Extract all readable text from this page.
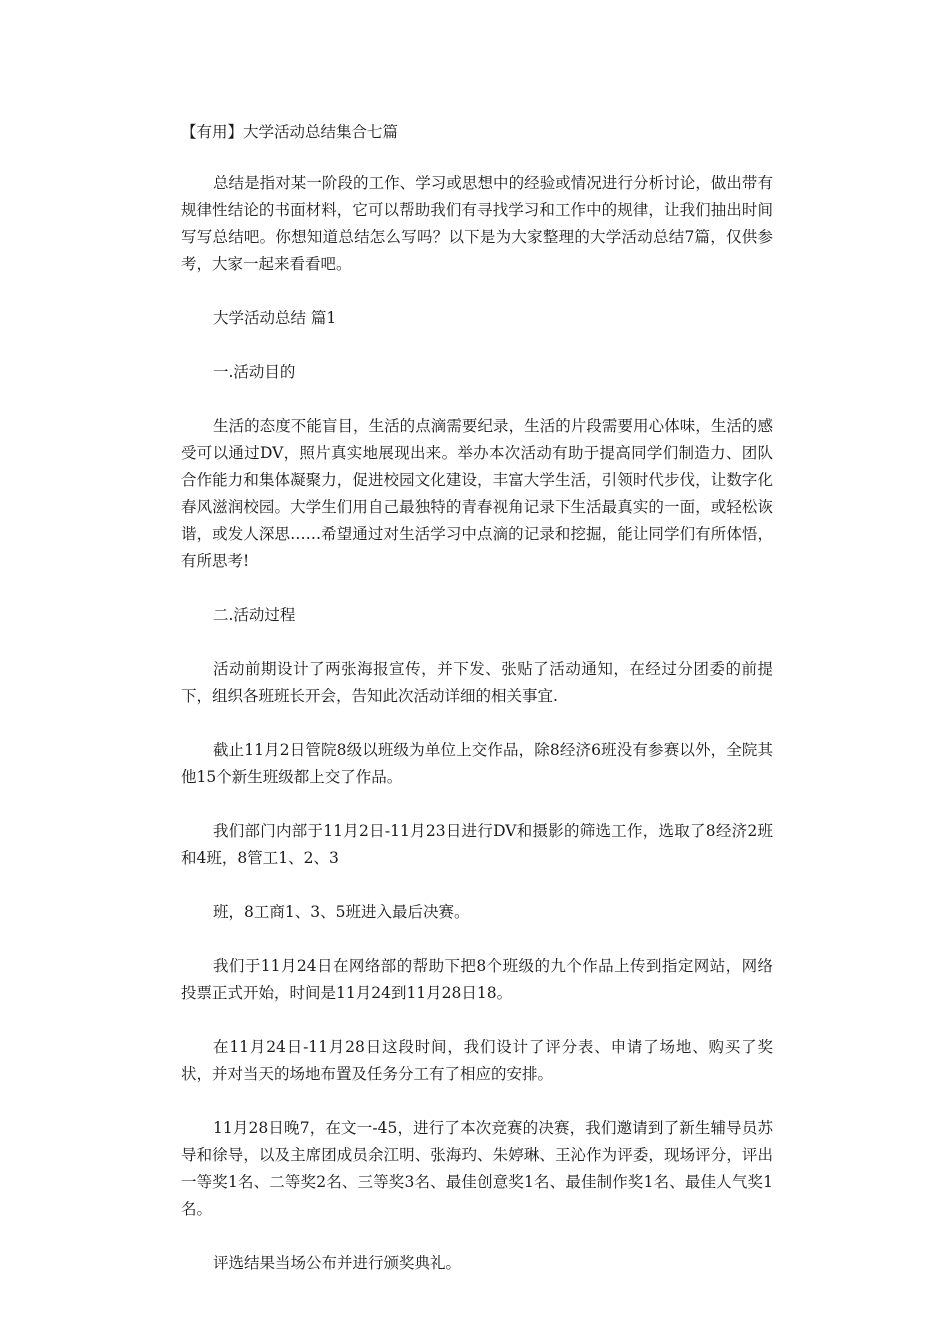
【有用】大学活动总结集合七篇

总结是指对某一阶段的工作、学习或思想中的经验或情况进行分析讨论，做出带有规律性结论的书面材料，它可以帮助我们有寻找学习和工作中的规律，让我们抽出时间写写总结吧。你想知道总结怎么写吗？以下是为大家整理的大学活动总结7篇，仅供参考，大家一起来看看吧。

大学活动总结 篇1

一.活动目的

生活的态度不能盲目，生活的点滴需要纪录，生活的片段需要用心体味，生活的感受可以通过DV，照片真实地展现出来。举办本次活动有助于提高同学们制造力、团队合作能力和集体凝聚力，促进校园文化建设，丰富大学生活，引领时代步伐，让数字化春风滋润校园。大学生们用自己最独特的青春视角记录下生活最真实的一面，或轻松诙谐，或发人深思……希望通过对生活学习中点滴的记录和挖掘，能让同学们有所体悟，有所思考!

二.活动过程

活动前期设计了两张海报宣传，并下发、张贴了活动通知，在经过分团委的前提下，组织各班班长开会，告知此次活动详细的相关事宜.

截止11月2日管院8级以班级为单位上交作品，除8经济6班没有参赛以外，全院其他15个新生班级都上交了作品。

我们部门内部于11月2日-11月23日进行DV和摄影的筛选工作，选取了8经济2班和4班，8管工1、2、3

班，8工商1、3、5班进入最后决赛。

我们于11月24日在网络部的帮助下把8个班级的九个作品上传到指定网站，网络投票正式开始，时间是11月24到11月28日18。

在11月24日-11月28日这段时间，我们设计了评分表、申请了场地、购买了奖状，并对当天的场地布置及任务分工有了相应的安排。

11月28日晚7，在文一-45，进行了本次竞赛的决赛，我们邀请到了新生辅导员苏导和徐导，以及主席团成员余江明、张海玓、朱婷琳、王沁作为评委，现场评分，评出一等奖1名、二等奖2名、三等奖3名、最佳创意奖1名、最佳制作奖1名、最佳人气奖1名。

评选结果当场公布并进行颁奖典礼。
